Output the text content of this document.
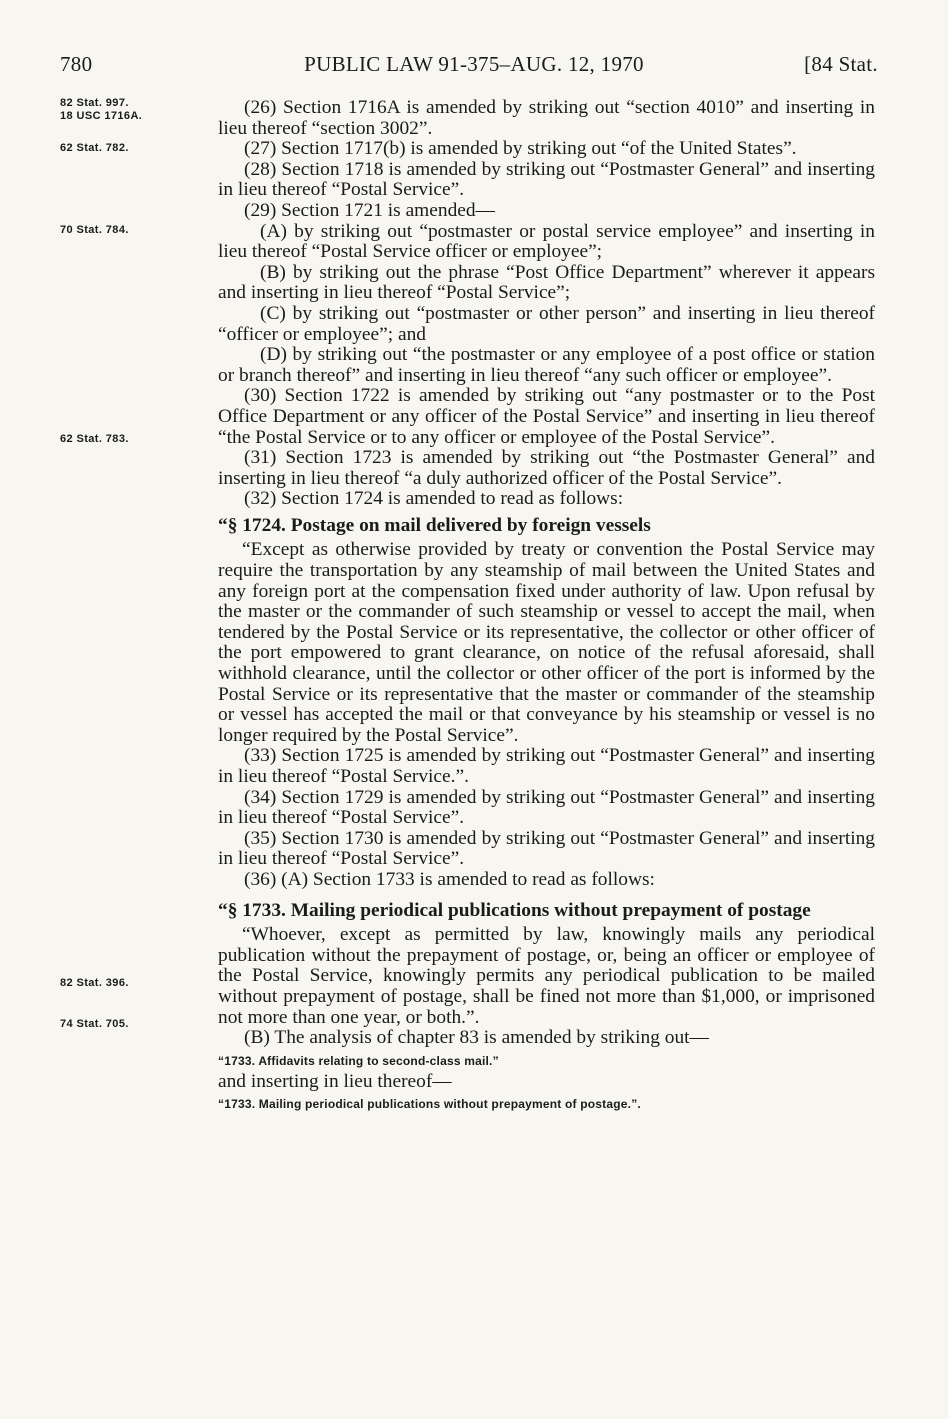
780	PUBLIC LAW 91-375–AUG. 12, 1970	[84 Stat.
82 Stat. 997.
18 USC 1716A.
62 Stat. 782.
70 Stat. 784.
62 Stat. 783.
82 Stat. 396.
74 Stat. 705.

(26) Section 1716A is amended by striking out “section 4010” and inserting in lieu thereof “section 3002”.

(27) Section 1717(b) is amended by striking out “of the United States”.

(28) Section 1718 is amended by striking out “Postmaster General” and inserting in lieu thereof “Postal Service”.

(29) Section 1721 is amended—

(A) by striking out “postmaster or postal service employee” and inserting in lieu thereof “Postal Service officer or employee”;

(B) by striking out the phrase “Post Office Department” wherever it appears and inserting in lieu thereof “Postal Service”;

(C) by striking out “postmaster or other person” and inserting in lieu thereof “officer or employee”; and

(D) by striking out “the postmaster or any employee of a post office or station or branch thereof” and inserting in lieu thereof “any such officer or employee”.

(30) Section 1722 is amended by striking out “any postmaster or to the Post Office Department or any officer of the Postal Service” and inserting in lieu thereof “the Postal Service or to any officer or employee of the Postal Service”.

(31) Section 1723 is amended by striking out “the Postmaster General” and inserting in lieu thereof “a duly authorized officer of the Postal Service”.

(32) Section 1724 is amended to read as follows:

“§ 1724. Postage on mail delivered by foreign vessels

“Except as otherwise provided by treaty or convention the Postal Service may require the transportation by any steamship of mail between the United States and any foreign port at the compensation fixed under authority of law. Upon refusal by the master or the commander of such steamship or vessel to accept the mail, when tendered by the Postal Service or its representative, the collector or other officer of the port empowered to grant clearance, on notice of the refusal aforesaid, shall withhold clearance, until the collector or other officer of the port is informed by the Postal Service or its representative that the master or commander of the steamship or vessel has accepted the mail or that conveyance by his steamship or vessel is no longer required by the Postal Service”.

(33) Section 1725 is amended by striking out “Postmaster General” and inserting in lieu thereof “Postal Service.”.

(34) Section 1729 is amended by striking out “Postmaster General” and inserting in lieu thereof “Postal Service”.

(35) Section 1730 is amended by striking out “Postmaster General” and inserting in lieu thereof “Postal Service”.

(36) (A) Section 1733 is amended to read as follows:

“§ 1733. Mailing periodical publications without prepayment of postage

“Whoever, except as permitted by law, knowingly mails any periodical publication without the prepayment of postage, or, being an officer or employee of the Postal Service, knowingly permits any periodical publication to be mailed without prepayment of postage, shall be fined not more than $1,000, or imprisoned not more than one year, or both.”.

(B) The analysis of chapter 83 is amended by striking out—

“1733. Affidavits relating to second-class mail.”

and inserting in lieu thereof—

“1733. Mailing periodical publications without prepayment of postage.”.
